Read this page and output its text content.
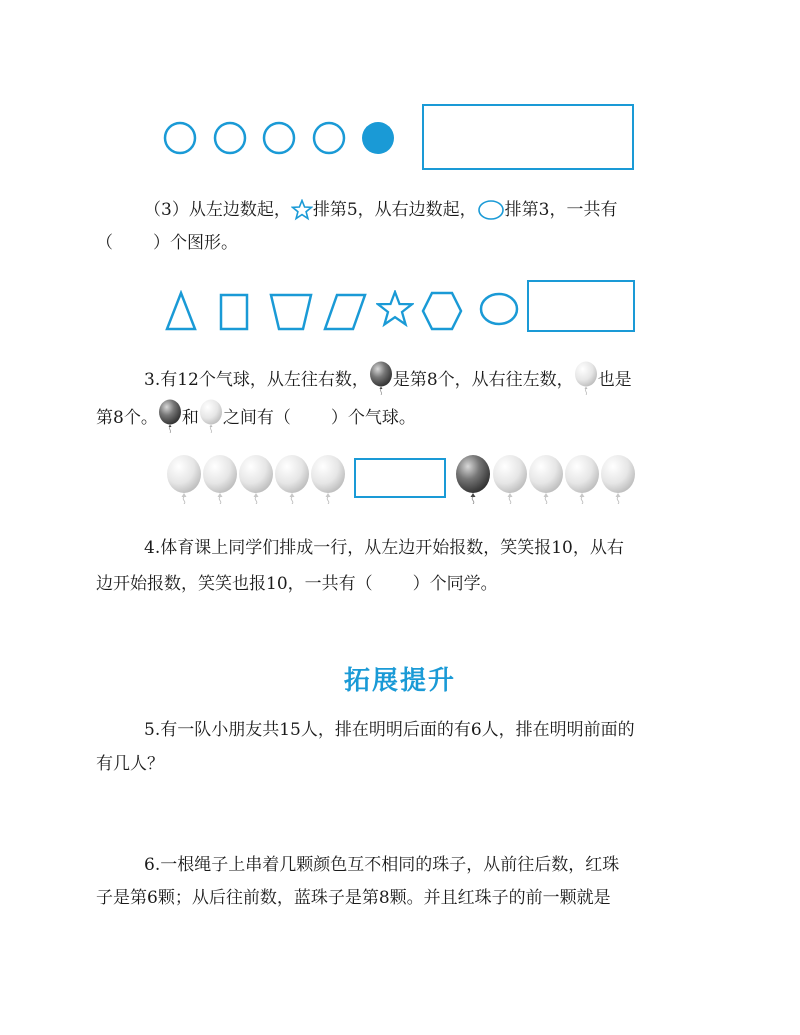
（3）从左边数起， 排第5，从右边数起， 排第3，一共有
（ ）个图形。
3.有12个气球，从左往右数， 是第8个，从右往左数， 也是
第8个。 和 之间有（ ）个气球。
4.体育课上同学们排成一行，从左边开始报数，笑笑报10，从右
边开始报数，笑笑也报10，一共有（ ）个同学。
拓展提升
5.有一队小朋友共15人，排在明明后面的有6人，排在明明前面的
有几人？
6.一根绳子上串着几颗颜色互不相同的珠子，从前往后数，红珠
子是第6颗；从后往前数，蓝珠子是第8颗。并且红珠子的前一颗就是
